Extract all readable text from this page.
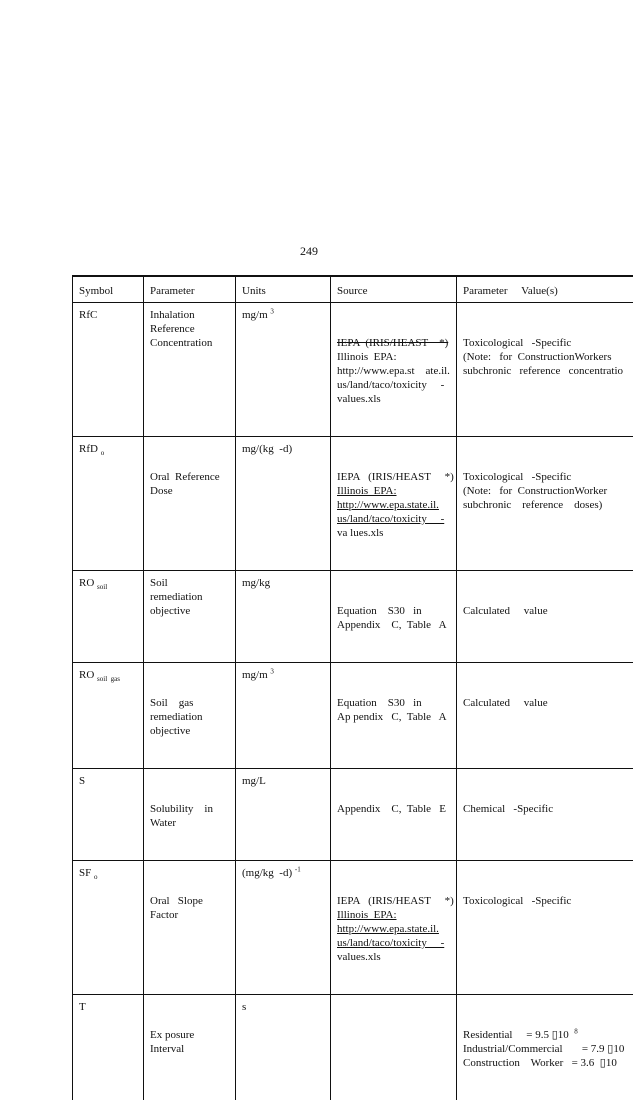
249
Symbol	Parameter	Units	Source	Parameter     Value(s)
RfC	Inhalation
Reference
Concentration	mg/m $^3$	IEPA  (IRIS/HEAST    *)
Illinois  EPA:
http://www.epa.st    ate.il.
us/land/taco/toxicity     -
values.xls	Toxicological   -Specific
(Note:   for  ConstructionWorkers
subchronic   reference   concentratio

RfD $_o$	Oral  Reference
Dose	mg/(kg  -d)	IEPA   (IRIS/HEAST     *)
Illinois  EPA:
http://www.epa.state.il.
us/land/taco/toxicity     -
va lues.xls	Toxicological   -Specific
(Note:   for  ConstructionWorker
subchronic    reference    doses)

RO $_{soil}$	Soil
remediation
objective	mg/kg	Equation    S30   in
Appendix    C,  Table   A	Calculated     value

RO $_{soil gas}$	Soil    gas
remediation
objective	mg/m $^3$	Equation    S30   in
Ap pendix   C,  Table   A	Calculated     value

S	Solubility    in
Water	mg/L	Appendix    C,  Table   E	Chemical   -Specific

SF $_o$	Oral   Slope
Factor	(mg/kg  -d) $^{-1}$	IEPA   (IRIS/HEAST     *)
Illinois  EPA:
http://www.epa.state.il.
us/land/taco/toxicity     -
values.xls	Toxicological   -Specific

T	Ex posure
Interval	s		Residential     = 9.5 ▯10 $^8$
Industrial/Commercial       = 7.9 ▯10
Construction    Worker   = 3.6  ▯10
